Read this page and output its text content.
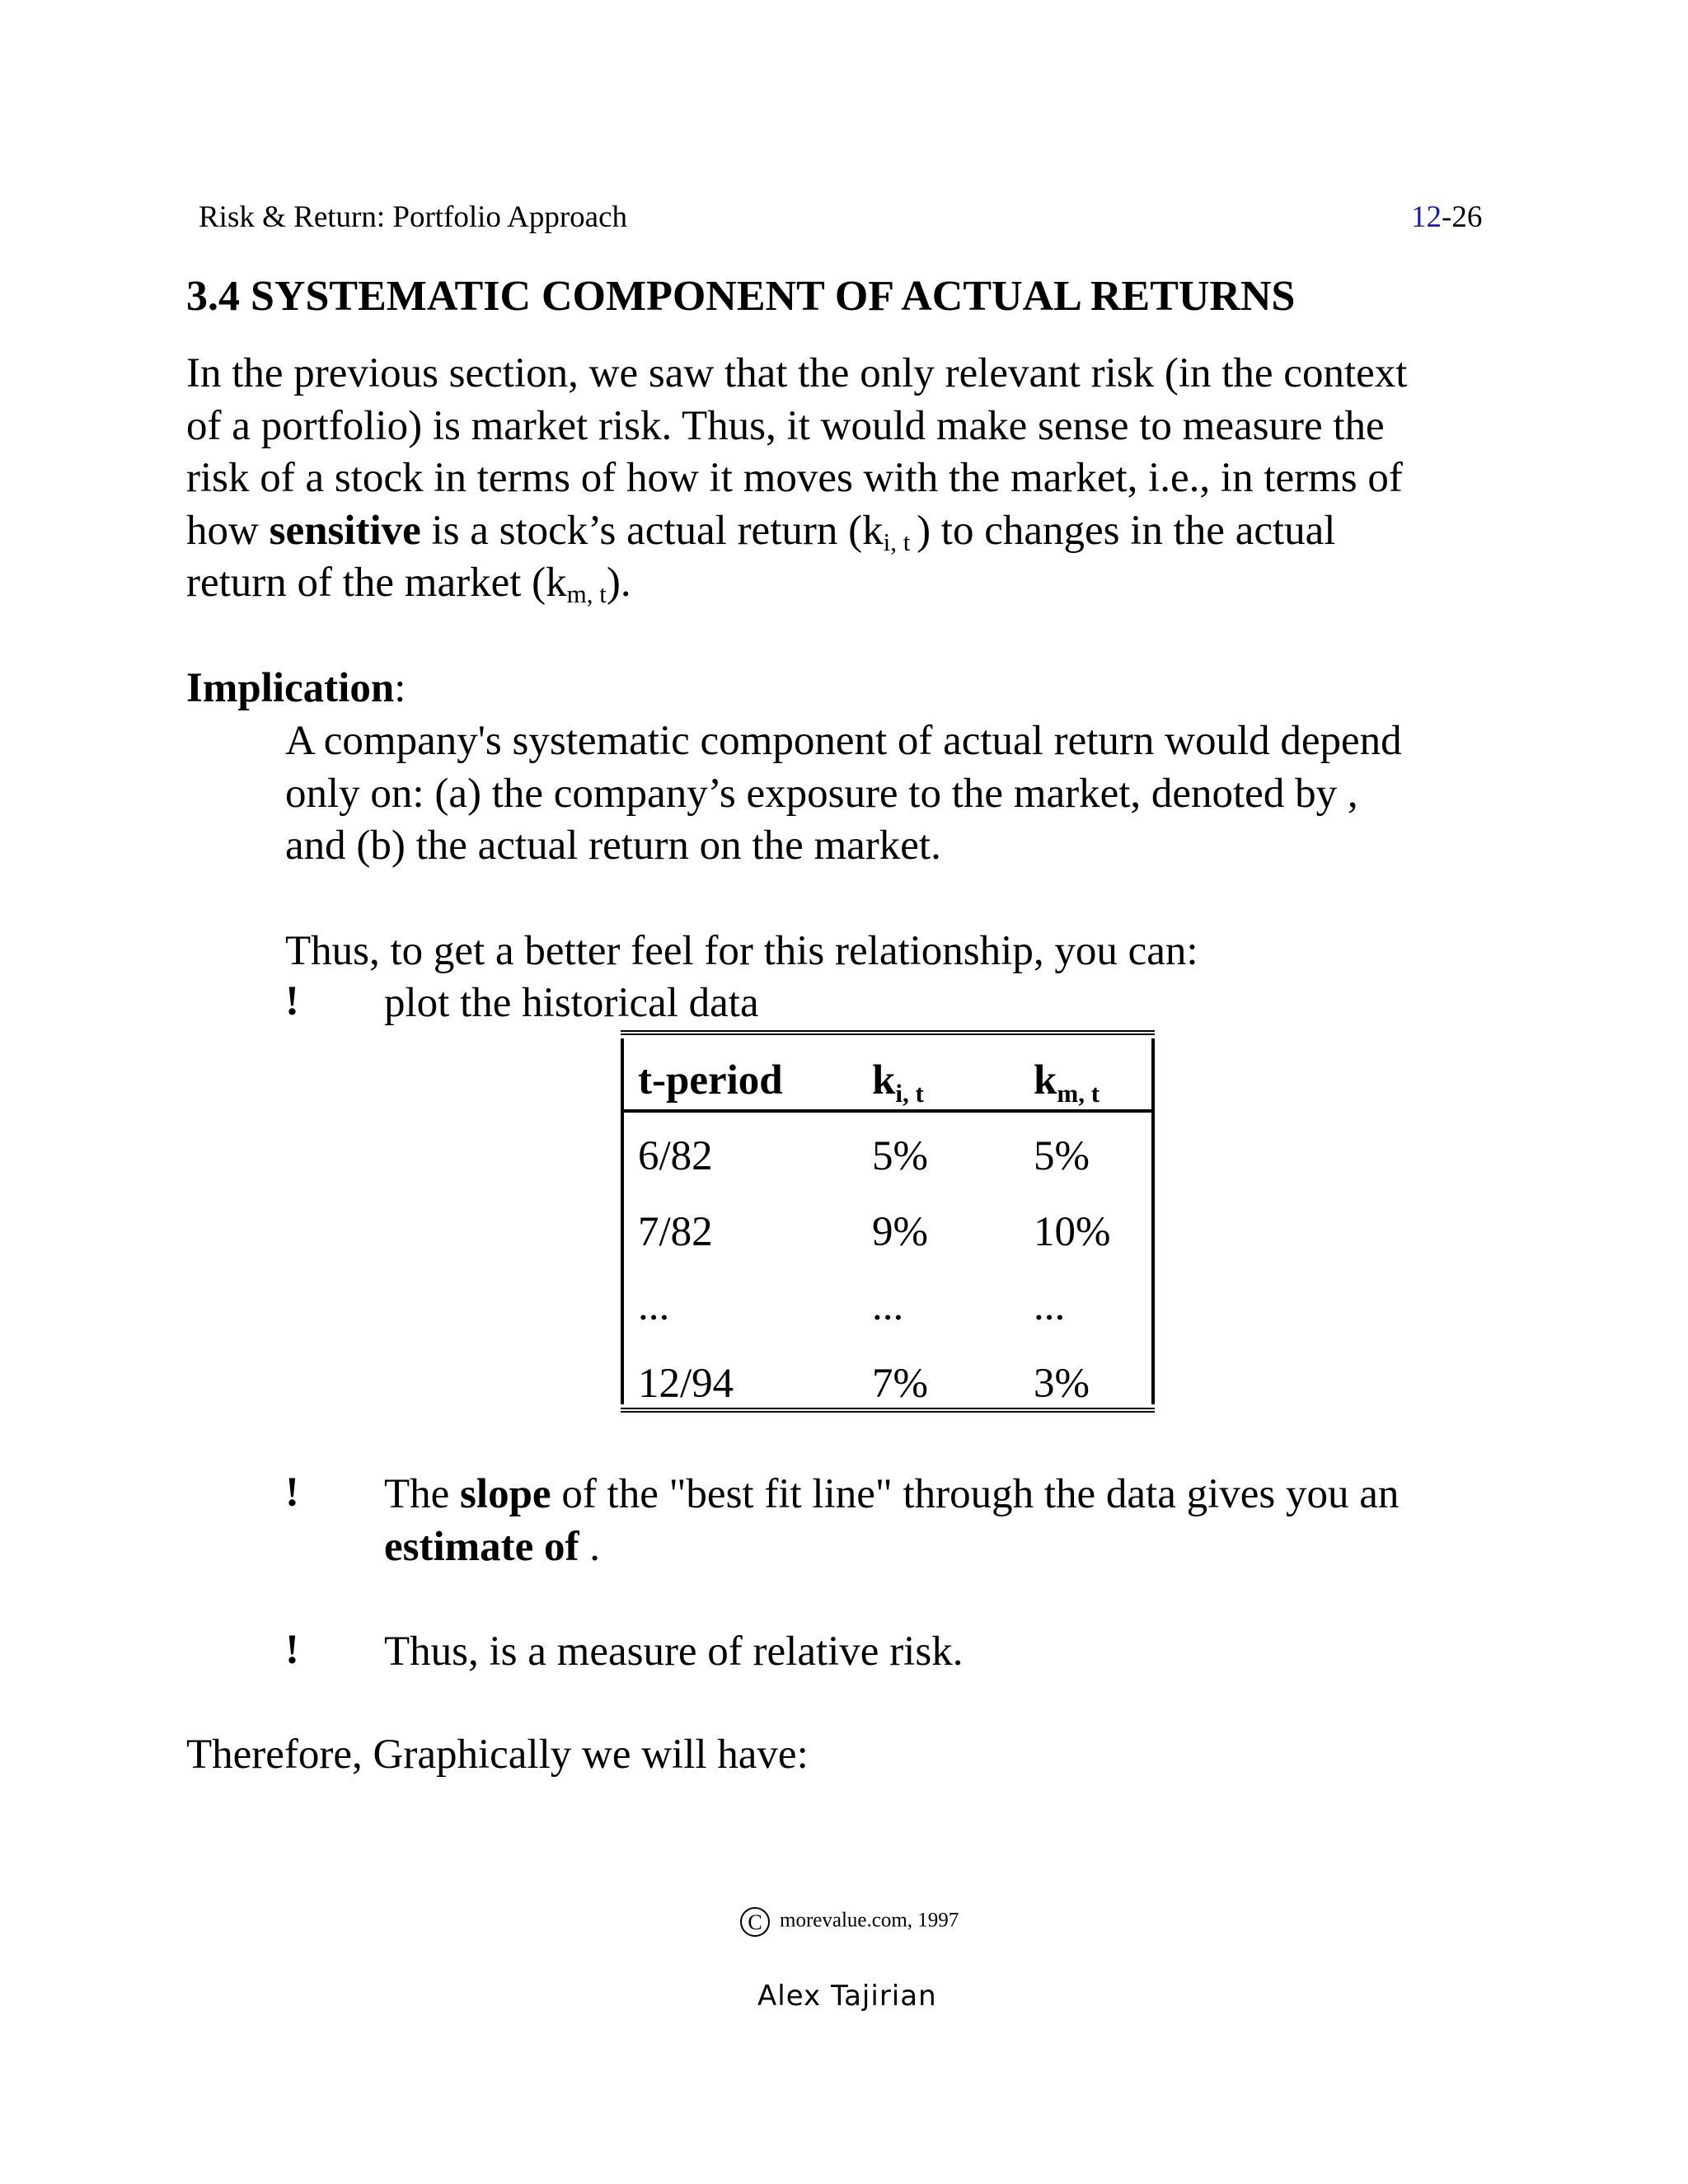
Risk & Return: Portfolio Approach	12-26
3.4 SYSTEMATIC COMPONENT OF ACTUAL RETURNS
In the previous section, we saw that the only relevant risk (in the context
of a portfolio) is market risk. Thus, it would make sense to measure the
risk of a stock in terms of how it moves with the market, i.e., in terms of
how sensitive is a stock’s actual return ($k_{i, t}$ ) to changes in the actual
return of the market $(k_{m, t})$.
Implication:
A company's systematic component of actual return would depend
only on: (a) the company’s exposure to the market, denoted by ,
and (b) the actual return on the market.
Thus, to get a better feel for this relationship, you can:
! plot the historical data
t-period $k_{i, t}$	$k_{m, t}$
6/82	5%	5%
7/82	9%	10%
...	...	...
12/94	7%	3%
! The slope of the "best fit line" through the data gives you an
estimate of .
! Thus, is a measure of relative risk.
Therefore, Graphically we will have:
C morevalue.com, 1997
Alex Tajirian
